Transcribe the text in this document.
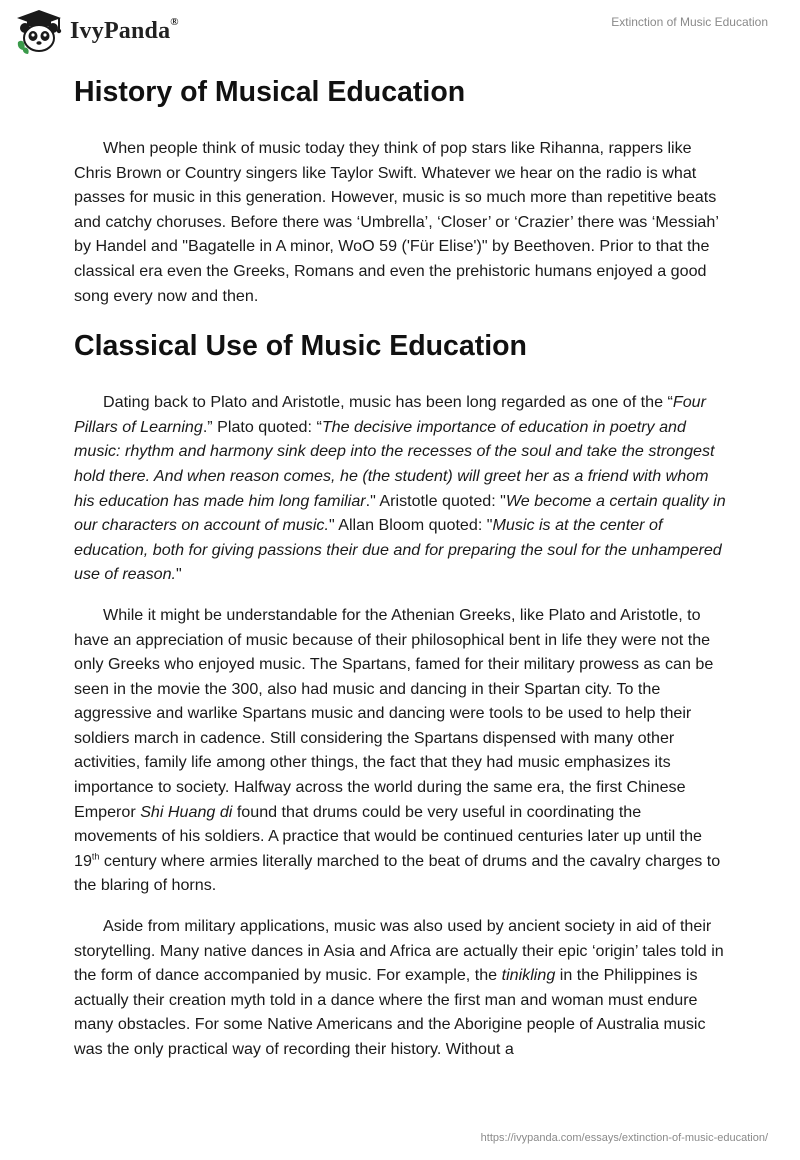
IvyPanda®	Extinction of Music Education
History of Musical Education

When people think of music today they think of pop stars like Rihanna, rappers like Chris Brown or Country singers like Taylor Swift. Whatever we hear on the radio is what passes for music in this generation. However, music is so much more than repetitive beats and catchy choruses. Before there was ‘Umbrella’, ‘Closer’ or ‘Crazier’ there was ‘Messiah’ by Handel and "Bagatelle in A minor, WoO 59 ('Für Elise')" by Beethoven. Prior to that the classical era even the Greeks, Romans and even the prehistoric humans enjoyed a good song every now and then.

Classical Use of Music Education

Dating back to Plato and Aristotle, music has been long regarded as one of the “Four Pillars of Learning.” Plato quoted: “The decisive importance of education in poetry and music: rhythm and harmony sink deep into the recesses of the soul and take the strongest hold there. And when reason comes, he (the student) will greet her as a friend with whom his education has made him long familiar." Aristotle quoted: "We become a certain quality in our characters on account of music." Allan Bloom quoted: "Music is at the center of education, both for giving passions their due and for preparing the soul for the unhampered use of reason."

While it might be understandable for the Athenian Greeks, like Plato and Aristotle, to have an appreciation of music because of their philosophical bent in life they were not the only Greeks who enjoyed music. The Spartans, famed for their military prowess as can be seen in the movie the 300, also had music and dancing in their Spartan city. To the aggressive and warlike Spartans music and dancing were tools to be used to help their soldiers march in cadence. Still considering the Spartans dispensed with many other activities, family life among other things, the fact that they had music emphasizes its importance to society. Halfway across the world during the same era, the first Chinese Emperor Shi Huang di found that drums could be very useful in coordinating the movements of his soldiers. A practice that would be continued centuries later up until the 19th century where armies literally marched to the beat of drums and the cavalry charges to the blaring of horns.

Aside from military applications, music was also used by ancient society in aid of their storytelling. Many native dances in Asia and Africa are actually their epic ‘origin’ tales told in the form of dance accompanied by music. For example, the tinikling in the Philippines is actually their creation myth told in a dance where the first man and woman must endure many obstacles. For some Native Americans and the Aborigine people of Australia music was the only practical way of recording their history. Without a

https://ivypanda.com/essays/extinction-of-music-education/
